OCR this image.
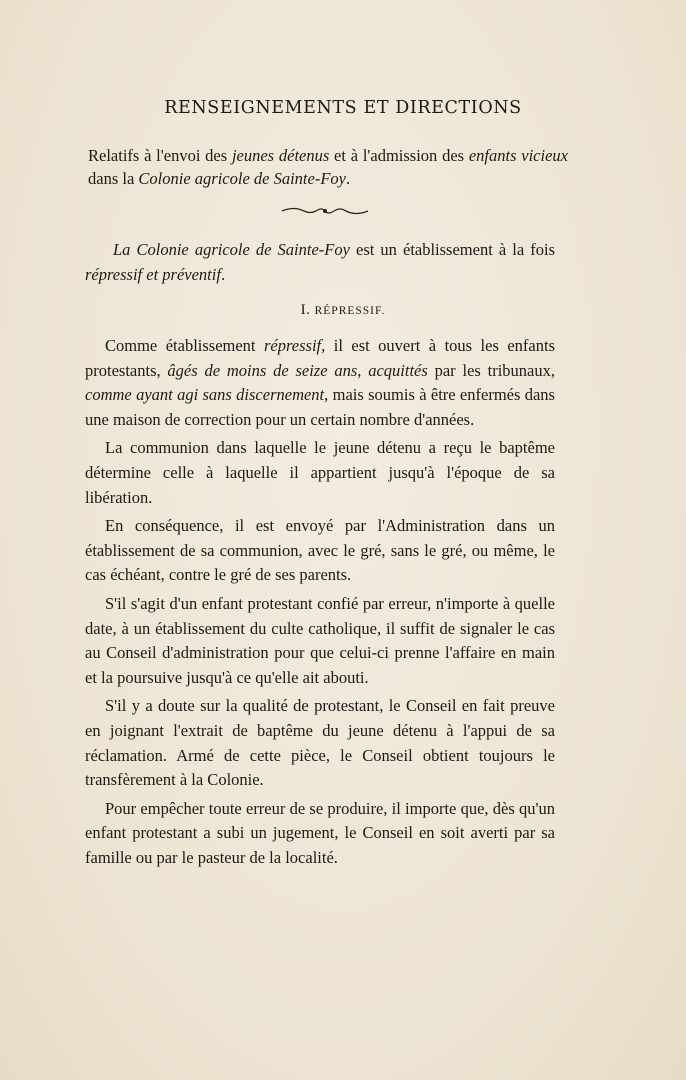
RENSEIGNEMENTS ET DIRECTIONS
Relatifs à l'envoi des jeunes détenus et à l'admission des enfants vicieux dans la Colonie agricole de Sainte-Foy.
La Colonie agricole de Sainte-Foy est un établissement à la fois répressif et préventif.
I. RÉPRESSIF.

Comme établissement répressif, il est ouvert à tous les enfants protestants, âgés de moins de seize ans, acquittés par les tribunaux, comme ayant agi sans discernement, mais soumis à être enfermés dans une maison de correction pour un certain nombre d'années.

La communion dans laquelle le jeune détenu a reçu le baptême détermine celle à laquelle il appartient jusqu'à l'époque de sa libération.

En conséquence, il est envoyé par l'Administration dans un établissement de sa communion, avec le gré, sans le gré, ou même, le cas échéant, contre le gré de ses parents.

S'il s'agit d'un enfant protestant confié par erreur, n'importe à quelle date, à un établissement du culte catholique, il suffit de signaler le cas au Conseil d'administration pour que celui-ci prenne l'affaire en main et la poursuive jusqu'à ce qu'elle ait abouti.

S'il y a doute sur la qualité de protestant, le Conseil en fait preuve en joignant l'extrait de baptême du jeune détenu à l'appui de sa réclamation. Armé de cette pièce, le Conseil obtient toujours le transfèrement à la Colonie.

Pour empêcher toute erreur de se produire, il importe que, dès qu'un enfant protestant a subi un jugement, le Conseil en soit averti par sa famille ou par le pasteur de la localité.
